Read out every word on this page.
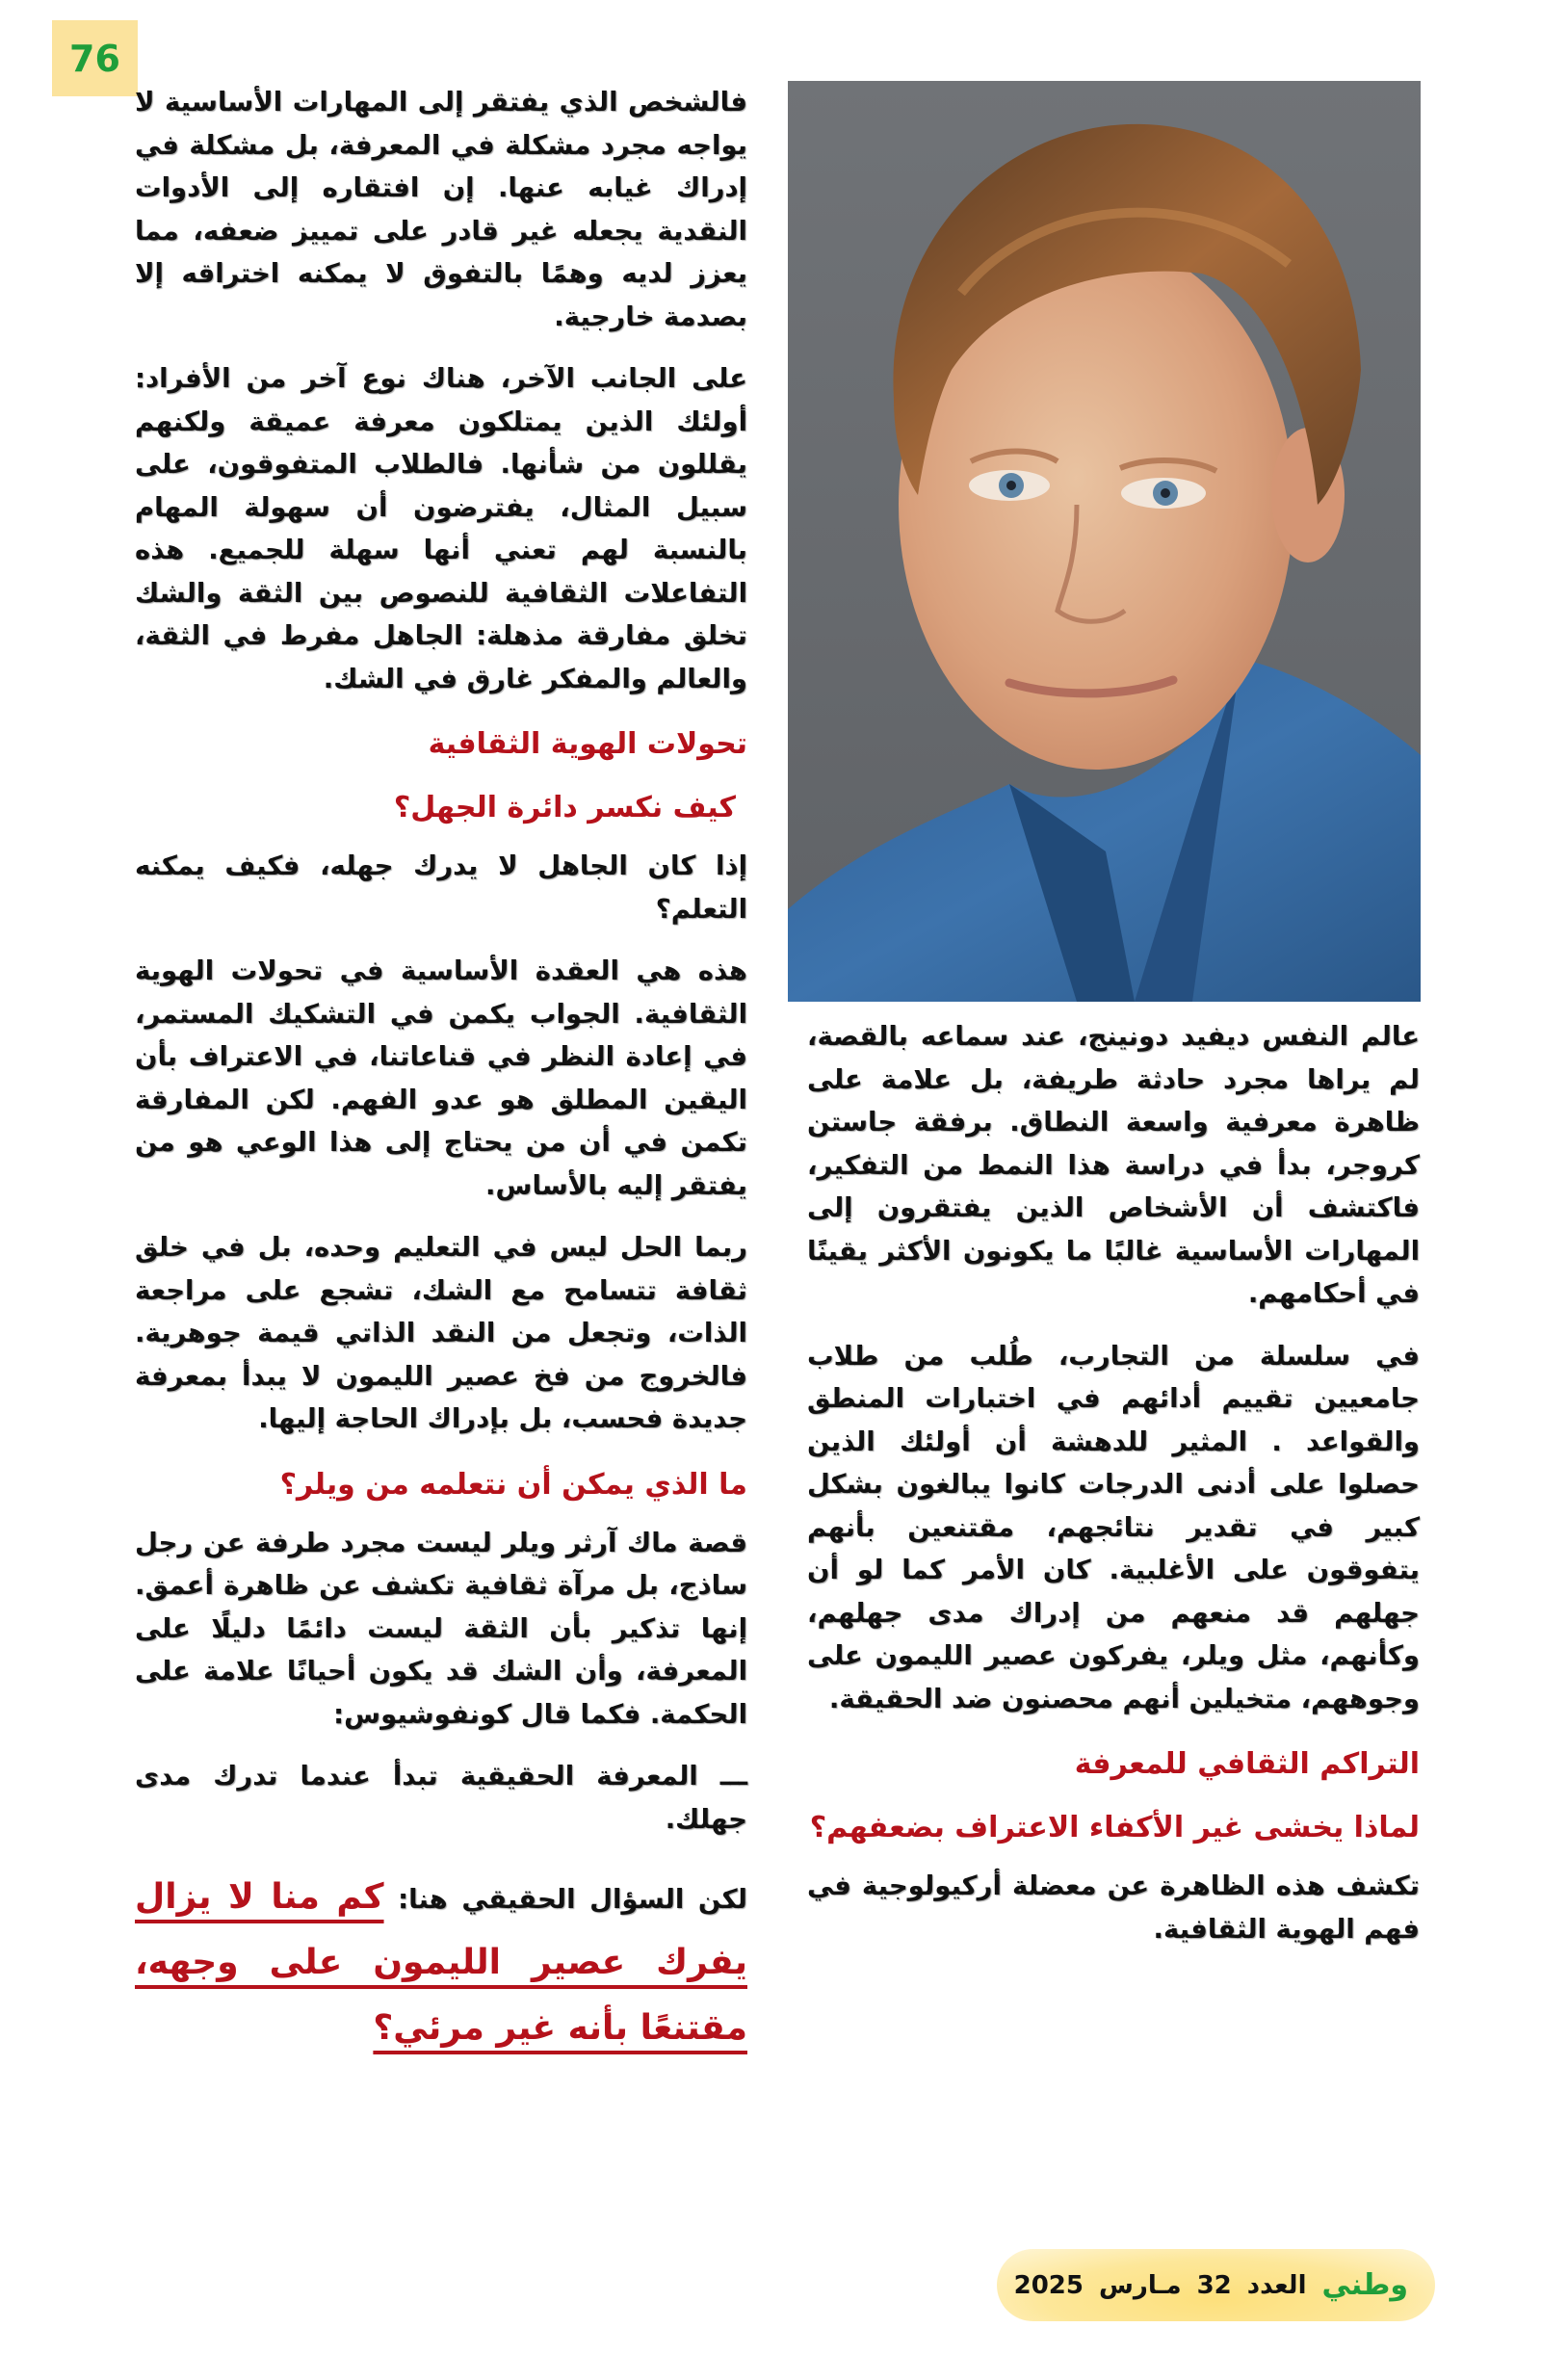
76

فالشخص الذي يفتقر إلى المهارات الأساسية لا يواجه مجرد مشكلة في المعرفة، بل مشكلة في إدراك غيابه عنها. إن افتقاره إلى الأدوات النقدية يجعله غير قادر على تمييز ضعفه، مما يعزز لديه وهمًا بالتفوق لا يمكنه اختراقه إلا بصدمة خارجية.

على الجانب الآخر، هناك نوع آخر من الأفراد: أولئك الذين يمتلكون معرفة عميقة ولكنهم يقللون من شأنها. فالطلاب المتفوقون، على سبيل المثال، يفترضون أن سهولة المهام بالنسبة لهم تعني أنها سهلة للجميع. هذه التفاعلات الثقافية للنصوص بين الثقة والشك تخلق مفارقة مذهلة: الجاهل مفرط في الثقة، والعالم والمفكر غارق في الشك.

تحولات الهوية الثقافية
كيف نكسر دائرة الجهل؟

إذا كان الجاهل لا يدرك جهله، فكيف يمكنه التعلم؟

هذه هي العقدة الأساسية في تحولات الهوية الثقافية. الجواب يكمن في التشكيك المستمر، في إعادة النظر في قناعاتنا، في الاعتراف بأن اليقين المطلق هو عدو الفهم. لكن المفارقة تكمن في أن من يحتاج إلى هذا الوعي هو من يفتقر إليه بالأساس.

ربما الحل ليس في التعليم وحده، بل في خلق ثقافة تتسامح مع الشك، تشجع على مراجعة الذات، وتجعل من النقد الذاتي قيمة جوهرية. فالخروج من فخ عصير الليمون لا يبدأ بمعرفة جديدة فحسب، بل بإدراك الحاجة إليها.

ما الذي يمكن أن نتعلمه من ويلر؟

قصة ماك آرثر ويلر ليست مجرد طرفة عن رجل ساذج، بل مرآة ثقافية تكشف عن ظاهرة أعمق. إنها تذكير بأن الثقة ليست دائمًا دليلًا على المعرفة، وأن الشك قد يكون أحيانًا علامة على الحكمة. فكما قال كونفوشيوس:

ـــ المعرفة الحقيقية تبدأ عندما تدرك مدى جهلك.

لكن السؤال الحقيقي هنا: كم منا لا يزال يفرك عصير الليمون على وجهه، مقتنعًا بأنه غير مرئي؟

عالم النفس ديفيد دونينج، عند سماعه بالقصة، لم يراها مجرد حادثة طريفة، بل علامة على ظاهرة معرفية واسعة النطاق. برفقة جاستن كروجر، بدأ في دراسة هذا النمط من التفكير، فاكتشف أن الأشخاص الذين يفتقرون إلى المهارات الأساسية غالبًا ما يكونون الأكثر يقينًا في أحكامهم.

في سلسلة من التجارب، طُلب من طلاب جامعيين تقييم أدائهم في اختبارات المنطق والقواعد . المثير للدهشة أن أولئك الذين حصلوا على أدنى الدرجات كانوا يبالغون بشكل كبير في تقدير نتائجهم، مقتنعين بأنهم يتفوقون على الأغلبية. كان الأمر كما لو أن جهلهم قد منعهم من إدراك مدى جهلهم، وكأنهم، مثل ويلر، يفركون عصير الليمون على وجوههم، متخيلين أنهم محصنون ضد الحقيقة.

التراكم الثقافي للمعرفة
لماذا يخشى غير الأكفاء الاعتراف بضعفهم؟

تكشف هذه الظاهرة عن معضلة أركيولوجية في فهم الهوية الثقافية.

وطني
العدد
32
مـارس
2025
